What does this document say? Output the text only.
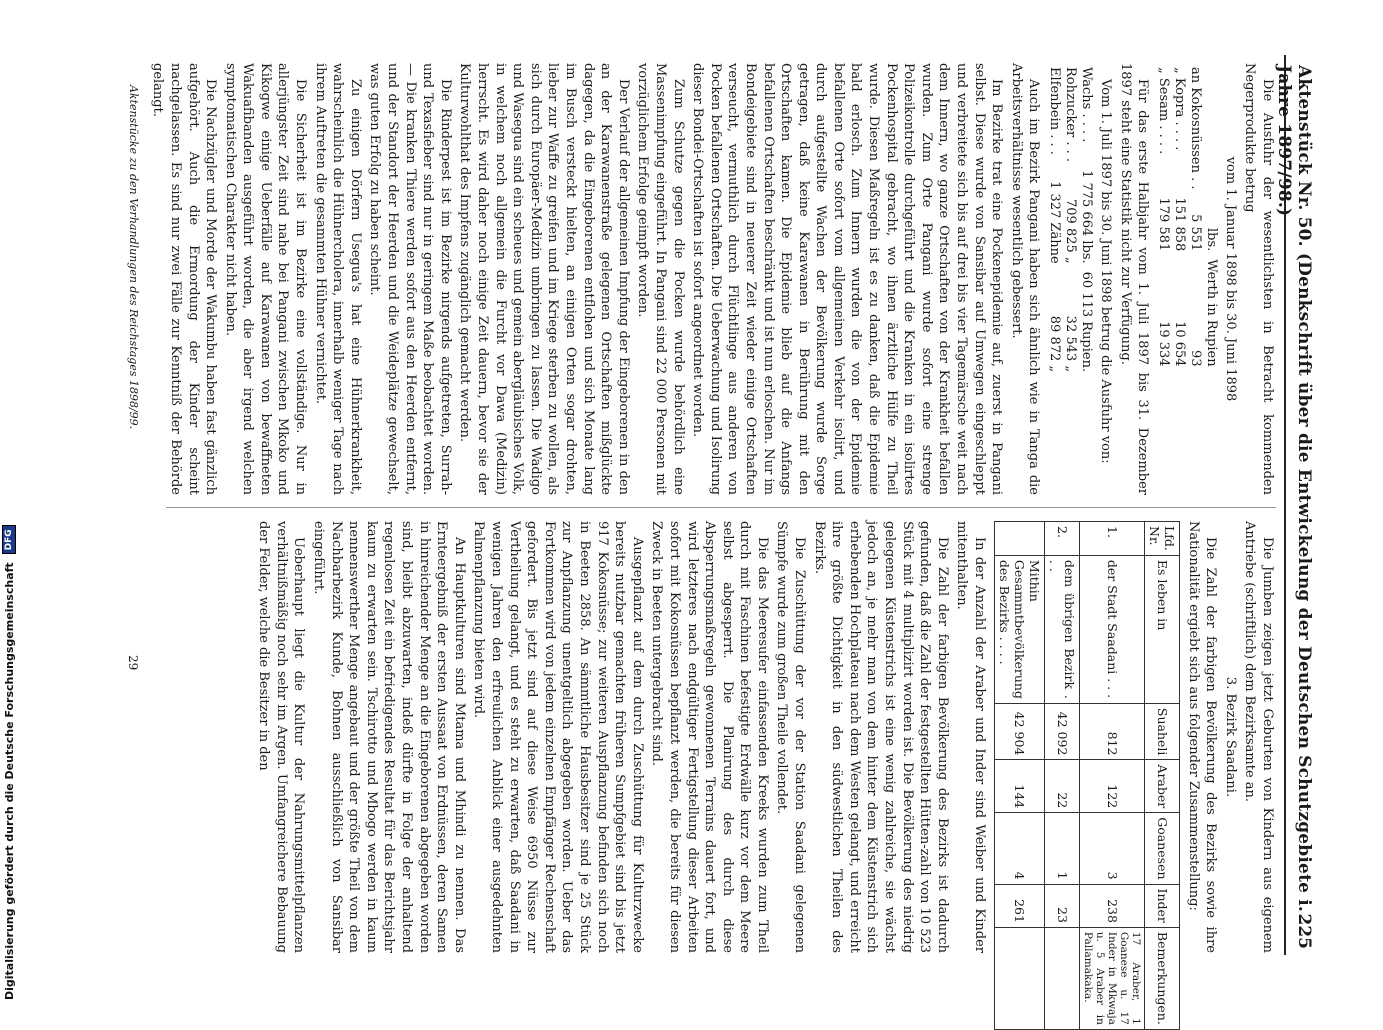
Digitalisierung gefördert durch die Deutsche Forschungsgemeinschaft
DFG	Aktenstück Nr. 50. (Denkschrift über die Entwickelung der Deutschen Schutzgebiete i. Jahre 1897/98.)
225

Die Ausfuhr der wesentlichsten in Betracht kommenden Negerprodukte betrug

vom 1. Januar 1898 bis 30. Juni 1898

	lbs.	Werth in Rupien
an Kokosnüssen . .	5 551	93
„ Kopra . . . .	151 858	10 654
„ Sesam . . . .	179 581	19 334

Für das erste Halbjahr vom 1. Juli 1897 bis 31. Dezember 1897 steht eine Statistik nicht zur Verfügung.

Vom 1. Juli 1897 bis 30. Juni 1898 betrug die Ausfuhr von:

Wachs . . . .	1 775 664 lbs.	60 113 Rupien.
Rohzucker . . .	709 825 „	32 543 „
Elfenbein . . .	1 327 Zähne	89 872 „

Auch im Bezirk Pangani haben sich ähnlich wie in Tanga die Arbeitsverhältnisse wesentlich gebessert.

Im Bezirke trat eine Pockenepidemie auf, zuerst in Pangani selbst. Diese wurde von Sansibar auf Umwegen eingeschleppt und verbreitete sich bis auf drei bis vier Tagemärsche weit nach dem Innern, wo ganze Ortschaften von der Krankheit befallen wurden. Zum Orte Pangani wurde sofort eine strenge Polizeikontrolle durchgeführt und die Kranken in ein isolirtes Pockenhospital gebracht, wo ihnen ärztliche Hülfe zu Theil wurde. Diesen Maßregeln ist es zu danken, daß die Epidemie bald erlosch. Zum Innern wurden die von der Epidemie befallenen Orte sofort vom allgemeinen Verkehr isolirt, und durch aufgestellte Wachen der Bevölkerung wurde Sorge getragen, daß keine Karawanen in Berührung mit den Ortschaften kamen. Die Epidemie blieb auf die Anfangs befallenen Ortschaften beschränkt und ist nun erloschen. Nur im Bondeigebiete sind in neuerer Zeit wieder einige Ortschaften verseucht, vermuthlich durch Flüchtlinge aus anderen von Pocken befallenen Ortschaften. Die Ueberwachung und Isolirung dieser Bondei-Ortschaften ist sofort angeordnet worden.

Zum Schutze gegen die Pocken wurde behördlich eine Massenimpfung eingeführt. In Pangani sind 22 000 Personen mit vorzüglichem Erfolge geimpft worden.

Der Verlauf der allgemeinen Impfung der Eingeborenen in den an der Karawanenstraße gelegenen Ortschaften mißglückte dagegen, da die Eingeborenen entflohen und sich Monate lang im Busch versteckt hielten, an einigen Orten sogar drohten, lieber zur Waffe zu greifen und im Kriege sterben zu wollen, als sich durch Europäer-Medizin umbringen zu lassen. Die Wadigo und Wasegua sind ein scheues und gemein abergläubisches Volk, in welchem noch allgemein die Furcht vor Dawa (Medizin) herrscht. Es wird daher noch einige Zeit dauern, bevor sie der Kulturwohlthat des Impfens zugänglich gemacht werden.

Die Rinderpest ist im Bezirke nirgends aufgetreten, Surrah- und Texasfieber sind nur in geringem Maße beobachtet worden. — Die kranken Thiere werden sofort aus den Heerden entfernt, und der Standort der Heerden und die Weideplätze gewechselt, was guten Erfolg zu haben scheint.

Zu einigen Dörfern Usegua's hat eine Hühnerkrankheit, wahrscheinlich die Hühnercholera, innerhalb weniger Tage nach ihrem Auftreten die gesammten Hühner vernichtet.

Die Sicherheit ist im Bezirke eine vollständige. Nur in allerjüngster Zeit sind nahe bei Pangani zwischen Mkoko und Kikogwe einige Ueberfälle auf Karawanen von bewaffneten Wakuafibanden ausgeführt worden, die aber irgend welchen symptomatischen Charakter nicht haben.

Die Nachzügler und Morde der Wakumbu haben fast gänzlich aufgehört. Auch die Ermordung der Kinder scheint nachgelassen. Es sind nur zwei Fälle zur Kenntniß der Behörde gelangt.

Die Jumben zeigen jetzt Geburten von Kindern aus eigenem Antriebe (schriftlich) dem Bezirksamte an.

3. Bezirk Saadani.

Die Zahl der farbigen Bevölkerung des Bezirks sowie ihre Nationalität ergiebt sich aus folgender Zusammenstellung:

Lfd. Nr.	Es leben in	Suaheli	Araber	Goanesen	Inder	Bemerkungen.
1.	der Stadt Saadani . . .	812	122	3	238	17 Araber, 1 Goanese u. 17 Inder in Mkwaja u. 5 Araber in Pallamakaka.
2.	dem übrigen Bezirk . . .	42 092	22	1	23	
	Mithin Gesammtbevölkerung des Bezirks . . . .	42 904	144	4	261	

In der Anzahl der Araber und Inder sind Weiber und Kinder mitenthalten.

Die Zahl der farbigen Bevölkerung des Bezirks ist dadurch gefunden, daß die Zahl der festgestellten Hütten-zahl von 10 523 Stück mit 4 multiplizirt worden ist. Die Bevölkerung des niedrig gelegenen Küstenstrichs ist eine wenig zahlreiche, sie wächst jedoch an, je mehr man von dem hinter dem Küstenstrich sich erhebenden Hochplateau nach dem Westen gelangt, und erreicht ihre größte Dichtigkeit in den südwestlichen Theilen des Bezirks.

Die Zuschüttung der vor der Station Saadani gelegenen Sümpfe wurde zum großen Theile vollendet.

Die das Meeresufer einfassenden Kreeks wurden zum Theil durch mit Faschinen befestigte Erdwälle kurz vor dem Meere selbst abgesperrt. Die Planirung des durch diese Absperrungsmaßregeln gewonnenen Terrains dauert fort, und wird letzteres nach endgültiger Fertigstellung dieser Arbeiten sofort mit Kokosnüssen bepflanzt werden, die bereits für diesen Zweck in Beeten untergebracht sind.

Ausgepflanzt auf dem durch Zuschüttung für Kulturzwecke bereits nutzbar gemachten früheren Sumpfgebiet sind bis jetzt 917 Kokosnüsse; zur weiteren Auspflanzung befinden sich noch in Beeten 2858. An sämmtliche Hausbesitzer sind je 25 Stück zur Anpflanzung unentgeltlich abgegeben worden. Ueber das Fortkommen wird von jedem einzelnen Empfänger Rechenschaft gefordert. Bis jetzt sind auf diese Weise 6950 Nüsse zur Vertheilung gelangt, und es steht zu erwarten, daß Saadani in wenigen Jahren den erfreulichen Anblick einer ausgedehnten Palmenpflanzung bieten wird.

An Hauptkulturen sind Mtama und Mhindi zu nennen. Das Ernteergebniß der ersten Aussaat von Erdnüssen, deren Samen in hinreichender Menge an die Eingeborenen abgegeben worden sind, bleibt abzuwarten, indeß dürfte in Folge der anhaltend regenlosen Zeit ein befriedigendes Resultat für das Berichtsjahr kaum zu erwarten sein. Tschirotto und Mbogo werden in kaum nennenswerther Menge angebaut und der größte Theil von dem Nachbarbezirk Kunde, Bohnen ausschließlich von Sansibar eingeführt.

Ueberhaupt liegt die Kultur der Nahrungsmittelpflanzen verhältnißmäßig noch sehr im Argen. Umfangreichere Bebauung der Felder, welche die Besitzer in den

Aktenstücke zu den Verhandlungen des Reichstages 1898/99.
29
